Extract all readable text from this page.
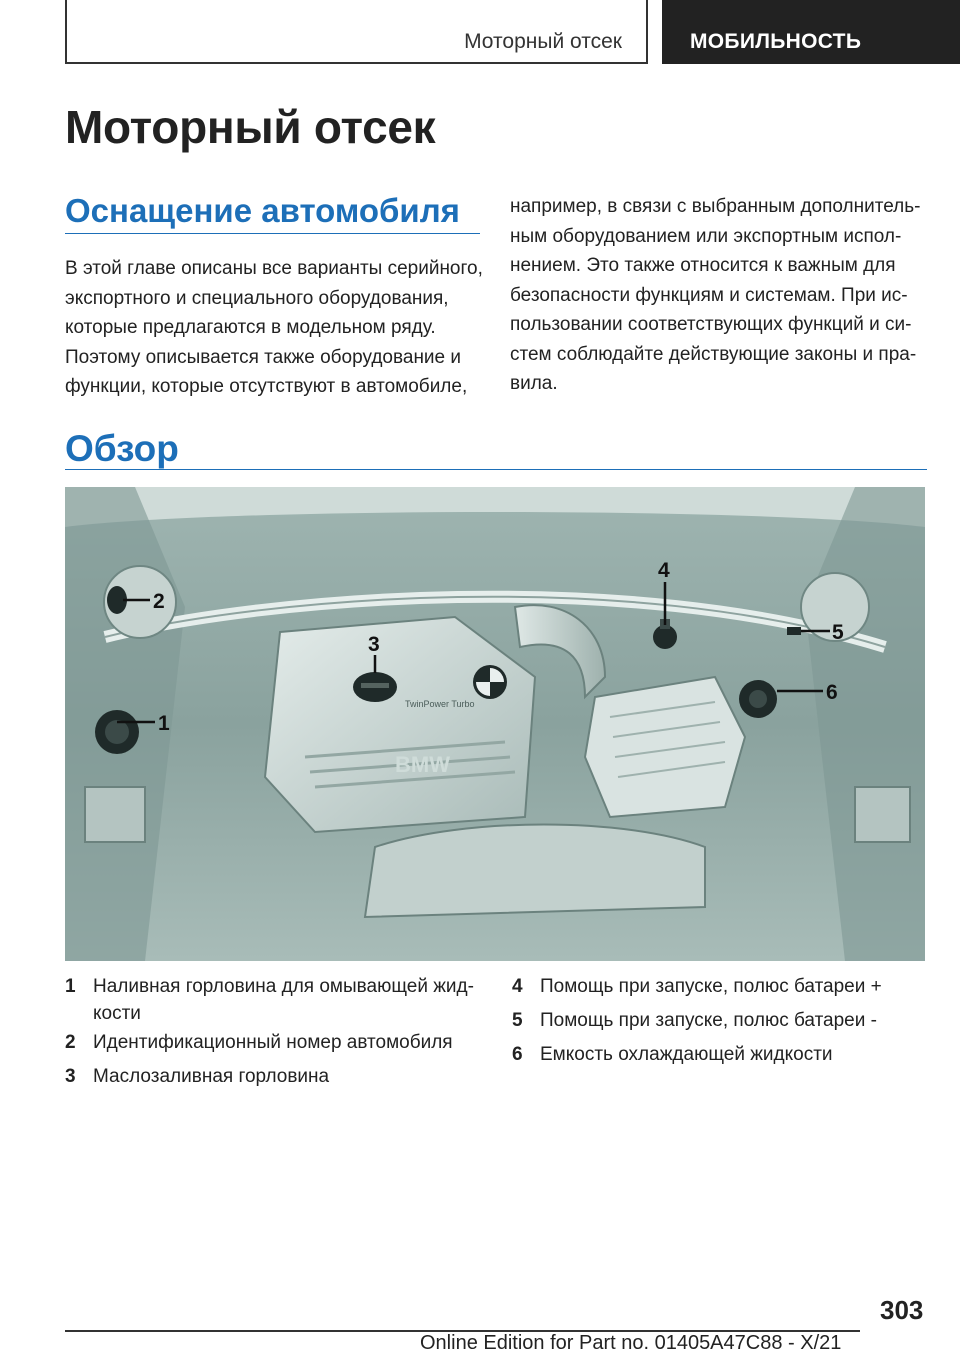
Моторный отсек	МОБИЛЬНОСТЬ
Моторный отсек
Оснащение автомобиля

В этой главе описаны все варианты серийного, экспортного и специального оборудования, которые предлагаются в модельном ряду. Поэтому описывается также оборудование и функции, которые отсутствуют в автомобиле,

например, в связи с выбранным дополнительным оборудованием или экспортным исполнением. Это также относится к важным для безопасности функциям и системам. При использовании соответствующих функций и систем соблюдайте действующие законы и правила.

Обзор
TwinPower Turbo
BMW
1
2
3
4
5
6
1 Наливная горловина для омывающей жидкости
2 Идентификационный номер автомобиля
3 Маслозаливная горловина
4 Помощь при запуске, полюс батареи +
5 Помощь при запуске, полюс батареи -
6 Емкость охлаждающей жидкости
303
Online Edition for Part no. 01405A47C88 - X/21
